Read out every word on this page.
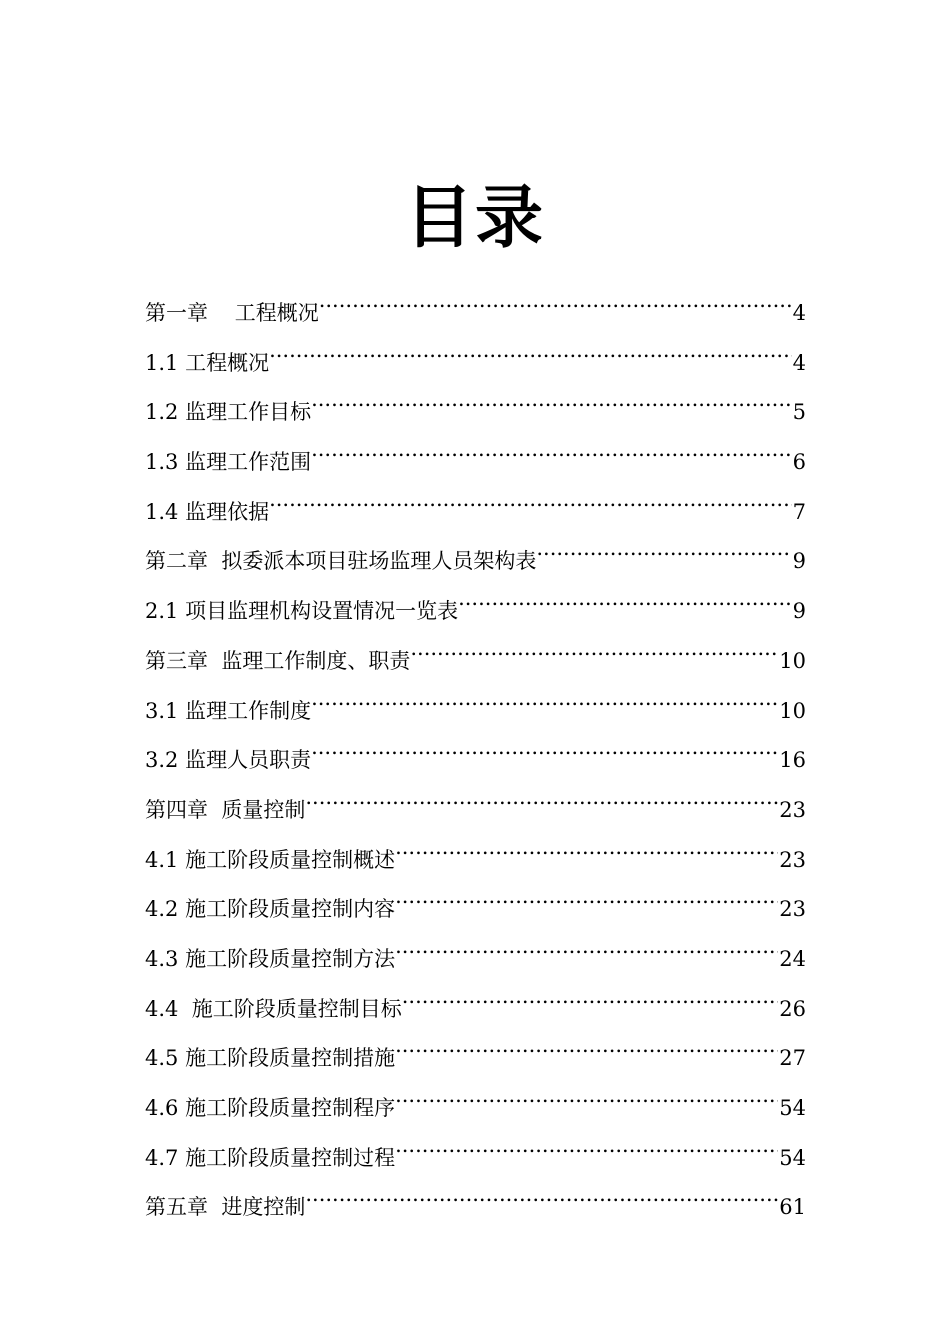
目录
第一章    工程概况 .....	4
1.1 工程概况 .....	4
1.2 监理工作目标 .....	5
1.3 监理工作范围 .....	6
1.4 监理依据 .....	7
第二章  拟委派本项目驻场监理人员架构表 .....	9
2.1 项目监理机构设置情况一览表 .....	9
第三章  监理工作制度、职责 .....	10
3.1 监理工作制度 .....	10
3.2 监理人员职责 .....	16
第四章  质量控制 .....	23
4.1 施工阶段质量控制概述 .....	23
4.2 施工阶段质量控制内容 .....	23
4.3 施工阶段质量控制方法 .....	24
4.4  施工阶段质量控制目标 .....	26
4.5 施工阶段质量控制措施 .....	27
4.6 施工阶段质量控制程序 .....	54
4.7 施工阶段质量控制过程 .....	54
第五章  进度控制 .....	61
